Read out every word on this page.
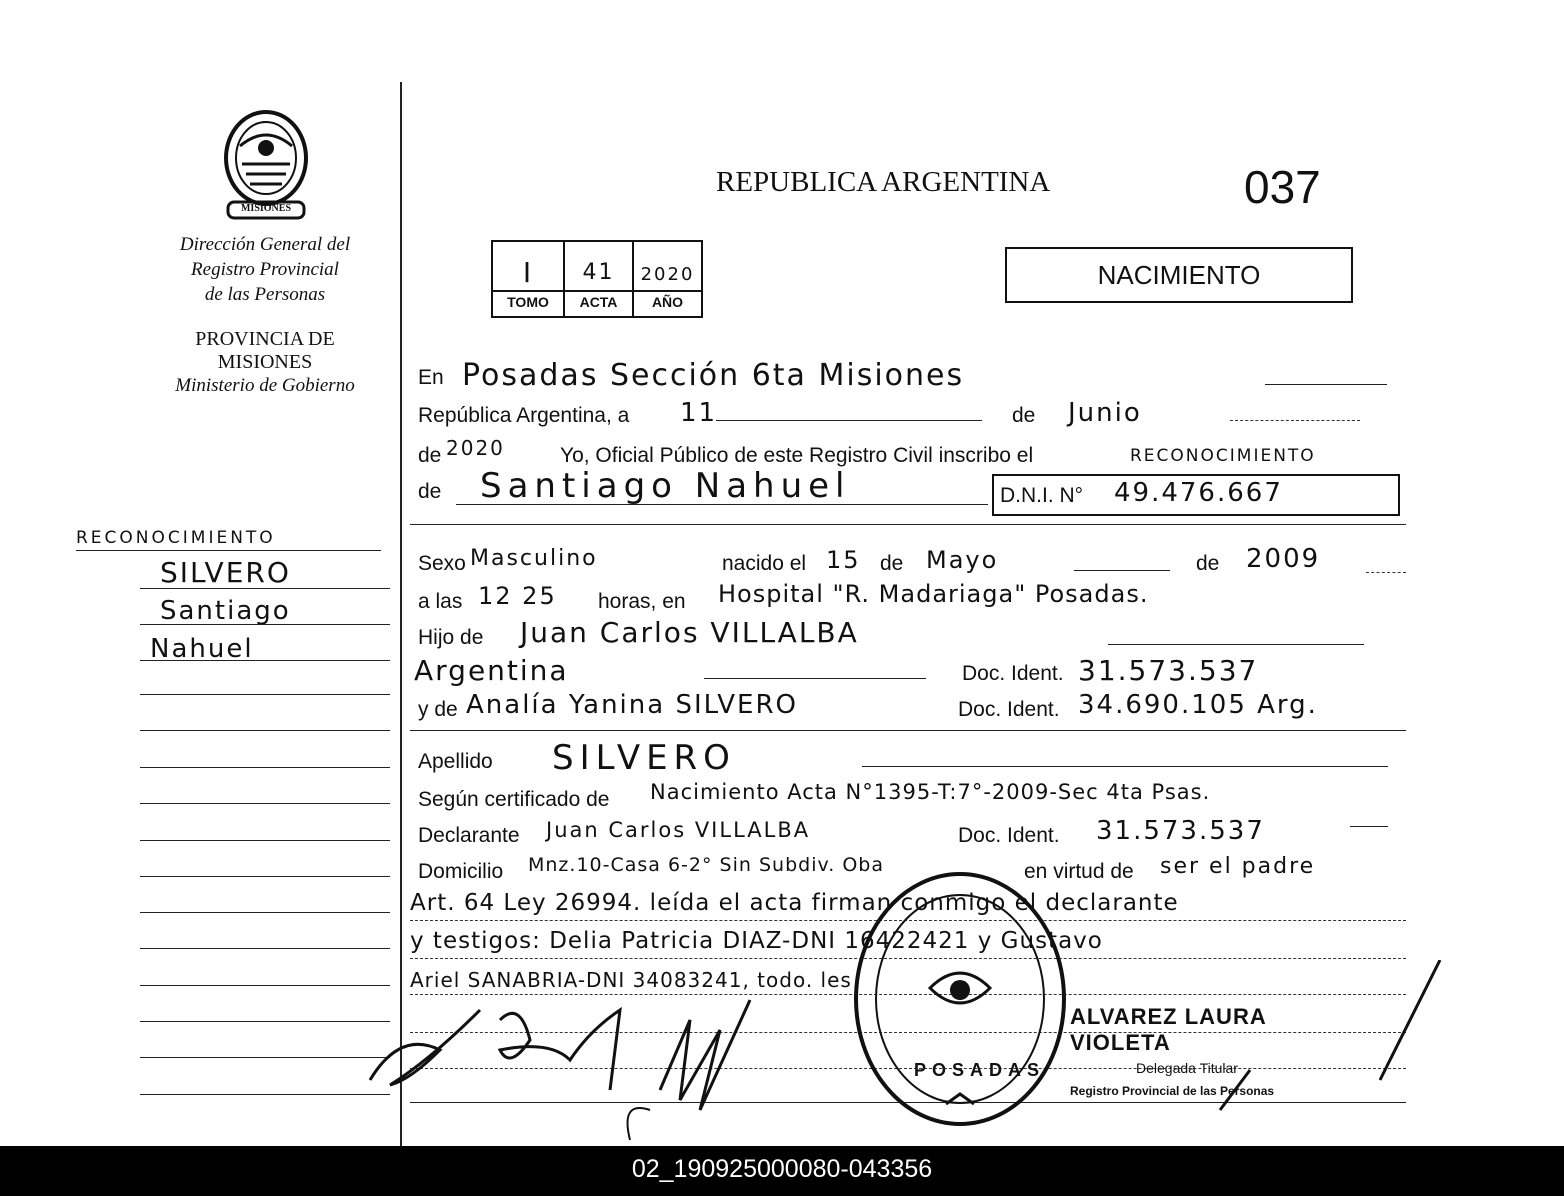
MISIONES
Dirección General del
Registro Provincial
de las Personas
PROVINCIA DE
MISIONES
Ministerio de Gobierno
RECONOCIMIENTO
SILVERO
Santiago
Nahuel
REPUBLICA ARGENTINA	037
I	41	2020
TOMO	ACTA	AÑO
NACIMIENTO
En Posadas Sección 6ta Misiones
República Argentina, a 11	de Junio
de 2020	Yo, Oficial Público de este Registro Civil inscribo el	RECONOCIMIENTO
de Santiago Nahuel	D.N.I. N° 49.476.667
Sexo Masculino	nacido el 15 de Mayo	de 2009
a las 12 25 horas, en Hospital "R. Madariaga" Posadas.
Hijo de Juan Carlos VILLALBA
Argentina	Doc. Ident. 31.573.537
y de Analía Yanina SILVERO	Doc. Ident. 34.690.105 Arg.
Apellido SILVERO
Según certificado de Nacimiento Acta N°1395-T:7°-2009-Sec 4ta Psas.
Declarante Juan Carlos VILLALBA	Doc. Ident. 31.573.537
Domicilio Mnz.10-Casa 6-2° Sin Subdiv. Oba	en virtud de ser el padre
Art. 64 Ley 26994. leída el acta firman conmigo el declarante
y testigos: Delia Patricia DIAZ-DNI 16422421 y Gustavo
Ariel SANABRIA-DNI 34083241, todo. les
POSADAS
ALVAREZ LAURA VIOLETA
Delegada Titular
Registro Provincial de las Personas
02_190925000080-043356
